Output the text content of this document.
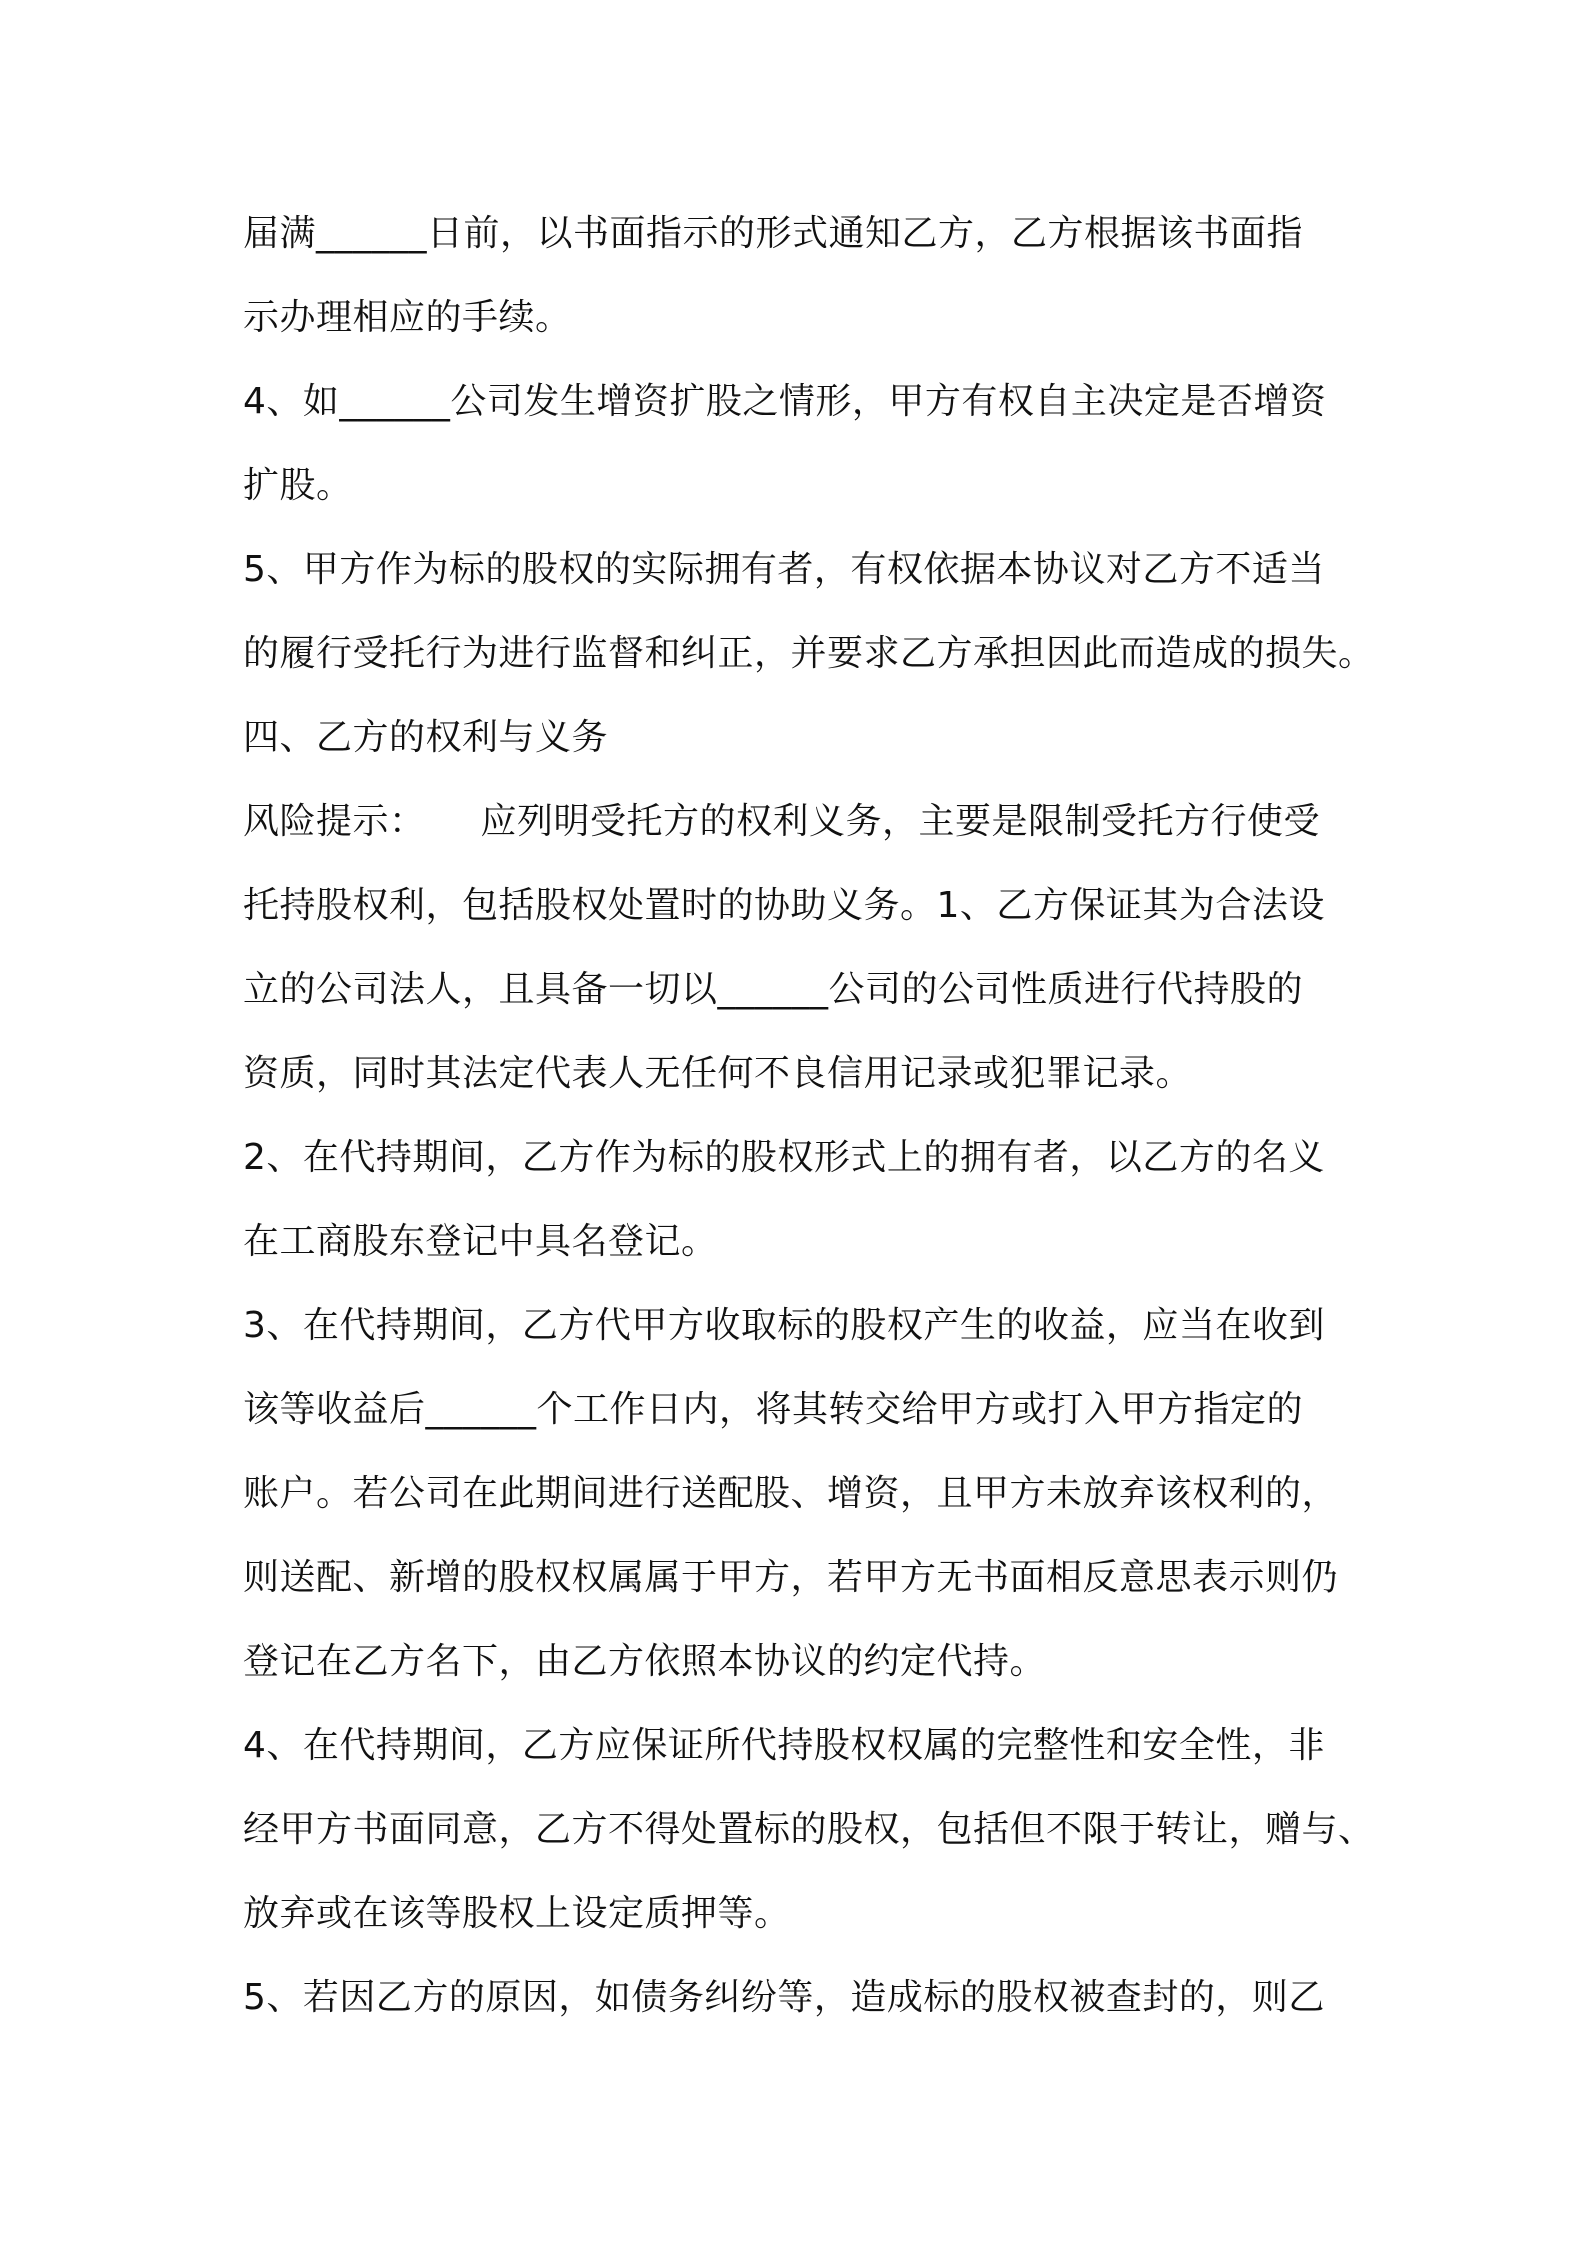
届满______日前，以书面指示的形式通知乙方，乙方根据该书面指
示办理相应的手续。
4、如______公司发生增资扩股之情形，甲方有权自主决定是否增资
扩股。
5、甲方作为标的股权的实际拥有者，有权依据本协议对乙方不适当
的履行受托行为进行监督和纠正，并要求乙方承担因此而造成的损失。
四、乙方的权利与义务
风险提示：　　应列明受托方的权利义务，主要是限制受托方行使受
托持股权利，包括股权处置时的协助义务。1、乙方保证其为合法设
立的公司法人，且具备一切以______公司的公司性质进行代持股的
资质，同时其法定代表人无任何不良信用记录或犯罪记录。
2、在代持期间，乙方作为标的股权形式上的拥有者，以乙方的名义
在工商股东登记中具名登记。
3、在代持期间，乙方代甲方收取标的股权产生的收益，应当在收到
该等收益后______个工作日内，将其转交给甲方或打入甲方指定的
账户。若公司在此期间进行送配股、增资，且甲方未放弃该权利的，
则送配、新增的股权权属属于甲方，若甲方无书面相反意思表示则仍
登记在乙方名下，由乙方依照本协议的约定代持。
4、在代持期间，乙方应保证所代持股权权属的完整性和安全性，非
经甲方书面同意，乙方不得处置标的股权，包括但不限于转让，赠与、
放弃或在该等股权上设定质押等。
5、若因乙方的原因，如债务纠纷等，造成标的股权被查封的，则乙
